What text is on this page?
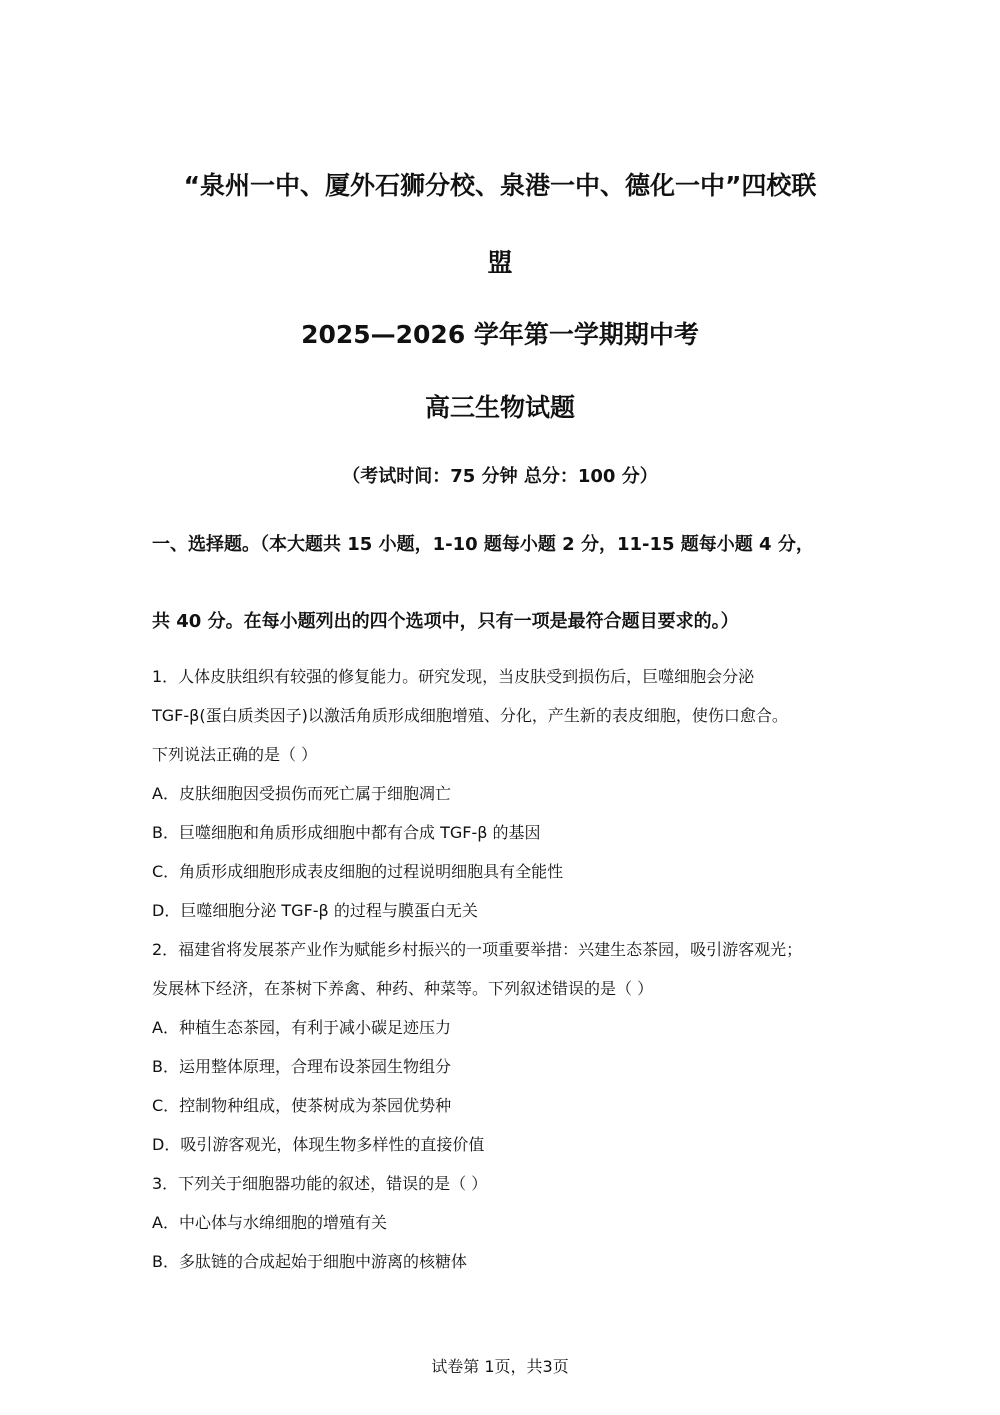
“泉州一中、厦外石狮分校、泉港一中、德化一中”四校联
盟
2025—2026 学年第一学期期中考
高三生物试题
（考试时间：75 分钟 总分：100 分）
一、选择题。（本大题共 15 小题，1-10 题每小题 2 分，11-15 题每小题 4 分，
共 40 分。在每小题列出的四个选项中，只有一项是最符合题目要求的。）
1．人体皮肤组织有较强的修复能力。研究发现，当皮肤受到损伤后，巨噬细胞会分泌
TGF-β(蛋白质类因子)以激活角质形成细胞增殖、分化，产生新的表皮细胞，使伤口愈合。
下列说法正确的是（ ）
A．皮肤细胞因受损伤而死亡属于细胞凋亡
B．巨噬细胞和角质形成细胞中都有合成 TGF-β 的基因
C．角质形成细胞形成表皮细胞的过程说明细胞具有全能性
D．巨噬细胞分泌 TGF-β 的过程与膜蛋白无关
2．福建省将发展茶产业作为赋能乡村振兴的一项重要举措：兴建生态茶园，吸引游客观光；
发展林下经济，在茶树下养禽、种药、种菜等。下列叙述错误的是（ ）
A．种植生态茶园，有利于减小碳足迹压力
B．运用整体原理，合理布设茶园生物组分
C．控制物种组成，使茶树成为茶园优势种
D．吸引游客观光，体现生物多样性的直接价值
3．下列关于细胞器功能的叙述，错误的是（ ）
A．中心体与水绵细胞的增殖有关
B．多肽链的合成起始于细胞中游离的核糖体
试卷第 1页，共3页
